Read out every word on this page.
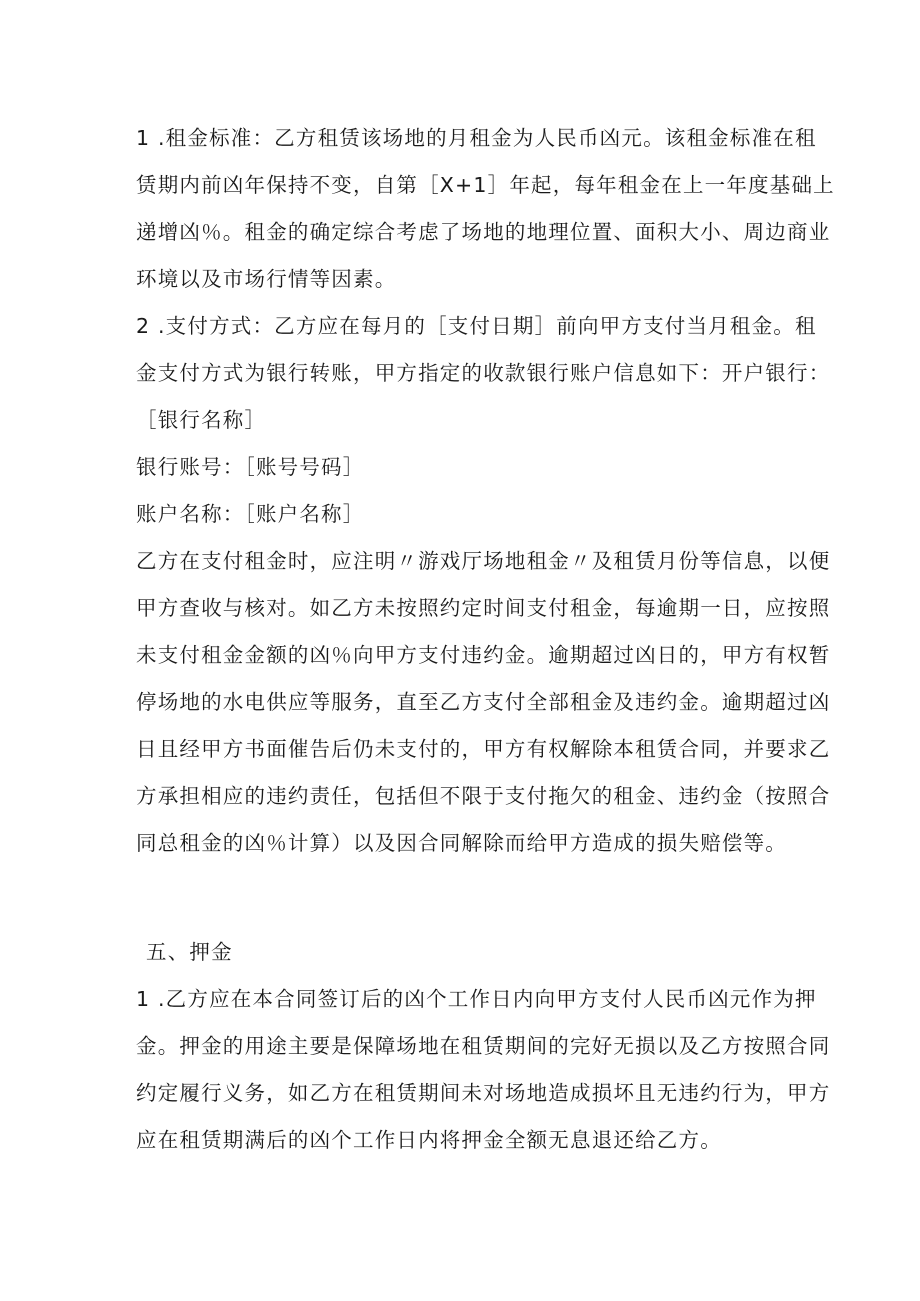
1 .租金标准：乙方租赁该场地的月租金为人民币凶元。该租金标准在租
赁期内前凶年保持不变，自第［X+1］年起，每年租金在上一年度基础上
递增凶％。租金的确定综合考虑了场地的地理位置、面积大小、周边商业
环境以及市场行情等因素。
2 .支付方式：乙方应在每月的［支付日期］前向甲方支付当月租金。租
金支付方式为银行转账，甲方指定的收款银行账户信息如下：开户银行：
［银行名称］
银行账号：［账号号码］
账户名称：［账户名称］
乙方在支付租金时，应注明〃游戏厅场地租金〃及租赁月份等信息，以便
甲方查收与核对。如乙方未按照约定时间支付租金，每逾期一日，应按照
未支付租金金额的凶％向甲方支付违约金。逾期超过凶日的，甲方有权暂
停场地的水电供应等服务，直至乙方支付全部租金及违约金。逾期超过凶
日且经甲方书面催告后仍未支付的，甲方有权解除本租赁合同，并要求乙
方承担相应的违约责任，包括但不限于支付拖欠的租金、违约金（按照合
同总租金的凶％计算）以及因合同解除而给甲方造成的损失赔偿等。
五、押金
1 .乙方应在本合同签订后的凶个工作日内向甲方支付人民币凶元作为押
金。押金的用途主要是保障场地在租赁期间的完好无损以及乙方按照合同
约定履行义务，如乙方在租赁期间未对场地造成损坏且无违约行为，甲方
应在租赁期满后的凶个工作日内将押金全额无息退还给乙方。
